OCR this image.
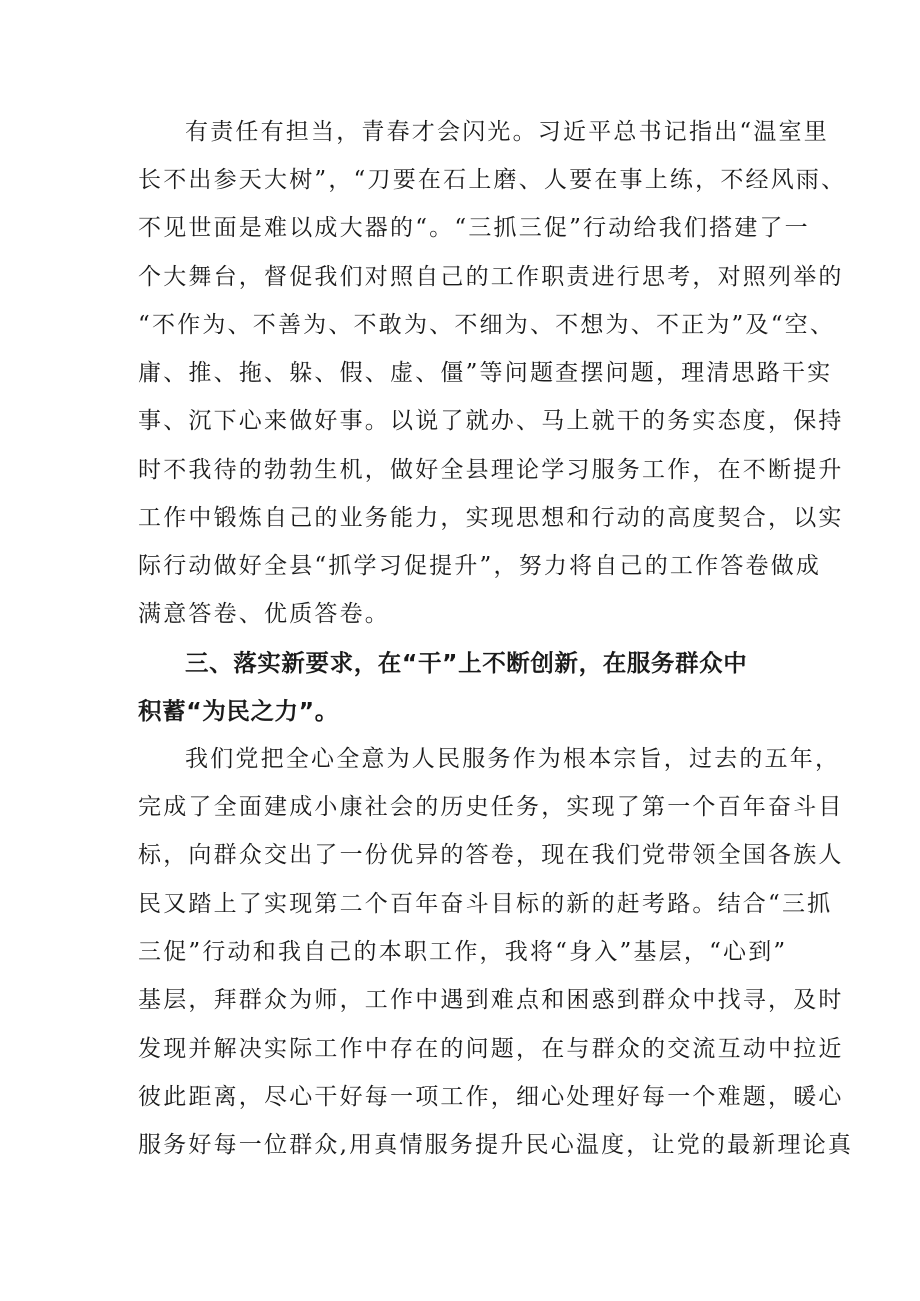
有责任有担当，青春才会闪光。习近平总书记指出“温室里
长不出参天大树”，“刀要在石上磨、人要在事上练，不经风雨、
不见世面是难以成大器的“。“三抓三促”行动给我们搭建了一
个大舞台，督促我们对照自己的工作职责进行思考，对照列举的
“不作为、不善为、不敢为、不细为、不想为、不正为”及“空、
庸、推、拖、躲、假、虚、僵”等问题查摆问题，理清思路干实
事、沉下心来做好事。以说了就办、马上就干的务实态度，保持
时不我待的勃勃生机，做好全县理论学习服务工作，在不断提升
工作中锻炼自己的业务能力，实现思想和行动的高度契合，以实
际行动做好全县“抓学习促提升”，努力将自己的工作答卷做成
满意答卷、优质答卷。
三、落实新要求，在“干”上不断创新，在服务群众中
积蓄“为民之力”。
我们党把全心全意为人民服务作为根本宗旨，过去的五年，
完成了全面建成小康社会的历史任务，实现了第一个百年奋斗目
标，向群众交出了一份优异的答卷，现在我们党带领全国各族人
民又踏上了实现第二个百年奋斗目标的新的赶考路。结合“三抓
三促”行动和我自己的本职工作，我将“身入”基层，“心到”
基层，拜群众为师，工作中遇到难点和困惑到群众中找寻，及时
发现并解决实际工作中存在的问题，在与群众的交流互动中拉近
彼此距离，尽心干好每一项工作，细心处理好每一个难题，暖心
服务好每一位群众,用真情服务提升民心温度，让党的最新理论真
